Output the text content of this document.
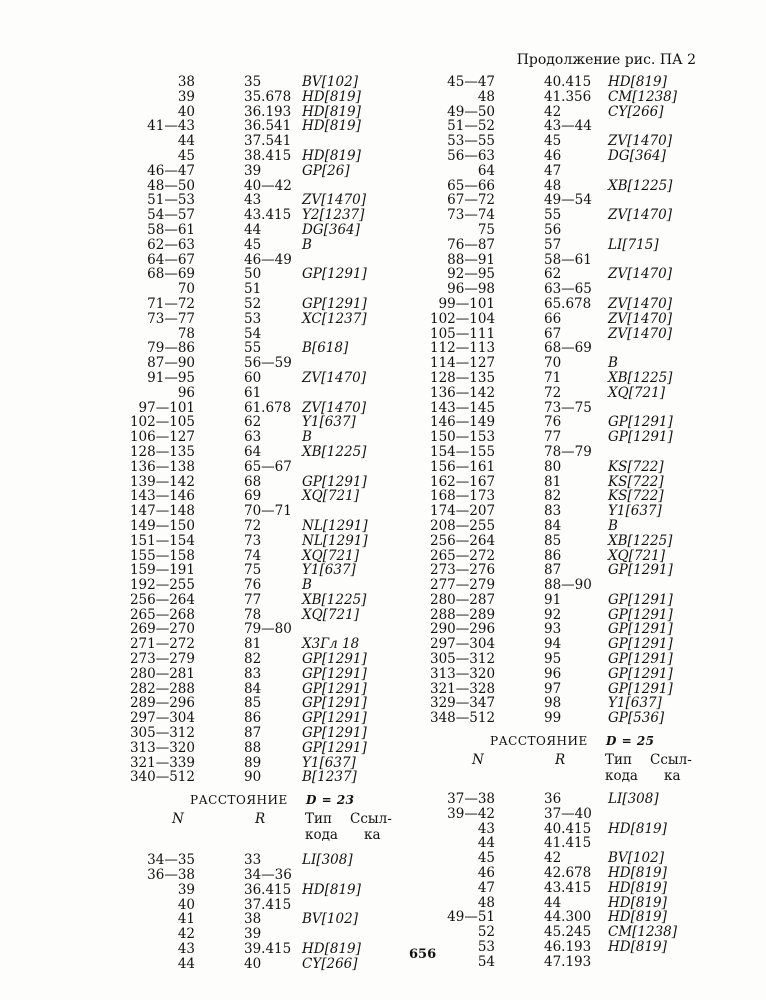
Продолжение рис. ПА 2
38	35	BV[102]
39	35.678 HD[819]
40	36.193 HD[819]
41—43	36.541 HD[819]
44	37.541
45	38.415 HD[819]
46—47	39	GP[26]
48—50	40—42
51—53	43	ZV[1470]
54—57	43.415 Y2[1237]
58—61	44	DG[364]
62—63	45	B
64—67	46—49
68—69	50	GP[1291]
70	51
71—72	52	GP[1291]
73—77	53	XC[1237]
78	54
79—86	55	B[618]
87—90	56—59
91—95	60	ZV[1470]
96	61
97—101	61.678 ZV[1470]
102—105	62	Y1[637]
106—127	63	B
128—135	64	XB[1225]
136—138	65—67
139—142	68	GP[1291]
143—146	69	XQ[721]
147—148	70—71
149—150	72	NL[1291]
151—154	73	NL[1291]
155—158	74	XQ[721]
159—191	75	Y1[637]
192—255	76	B
256—264	77	XB[1225]
265—268	78	XQ[721]
269—270	79—80
271—272	81	Х3Гл 18
273—279	82	GP[1291]
280—281	83	GP[1291]
282—288	84	GP[1291]
289—296	85	GP[1291]
297—304	86	GP[1291]
305—312	87	GP[1291]
313—320	88	GP[1291]
321—339	89	Y1[637]
340—512	90	B[1237]
РАССТОЯНИЕ D = 23
N	R	Тип
кода
Ссыл-
ка
34—35	33	LI[308]
36—38	34—36
39	36.415 HD[819]
40	37.415
41	38	BV[102]
42	39
43	39.415 HD[819]
44	40	CY[266]
45—47	40.415 HD[819]
48	41.356 CM[1238]
49—50	42	CY[266]
51—52	43—44
53—55	45	ZV[1470]
56—63	46	DG[364]
64	47
65—66	48	XB[1225]
67—72	49—54
73—74	55	ZV[1470]
75	56
76—87	57	LI[715]
88—91	58—61
92—95	62	ZV[1470]
96—98	63—65
99—101	65.678 ZV[1470]
102—104	66	ZV[1470]
105—111	67	ZV[1470]
112—113	68—69
114—127	70	B
128—135	71	XB[1225]
136—142	72	XQ[721]
143—145	73—75
146—149	76	GP[1291]
150—153	77	GP[1291]
154—155	78—79
156—161	80	KS[722]
162—167	81	KS[722]
168—173	82	KS[722]
174—207	83	Y1[637]
208—255	84	В
256—264	85	XB[1225]
265—272	86	XQ[721]
273—276	87	GP[1291]
277—279	88—90
280—287	91	GP[1291]
288—289	92	GP[1291]
290—296	93	GP[1291]
297—304	94	GP[1291]
305—312	95	GP[1291]
313—320	96	GP[1291]
321—328	97	GP[1291]
329—347	98	Y1[637]
348—512	99	GP[536]
РАССТОЯНИЕ D = 25
N	R	Тип
кода
Ссыл-
ка
37—38	36	LI[308]
39—42	37—40
43	40.415 HD[819]
44	41.415
45	42	BV[102]
46	42.678 HD[819]
47	43.415 HD[819]
48	44	HD[819]
49—51	44.300 HD[819]
52	45.245 CM[1238]
53	46.193 HD[819]
54	47.193
656
